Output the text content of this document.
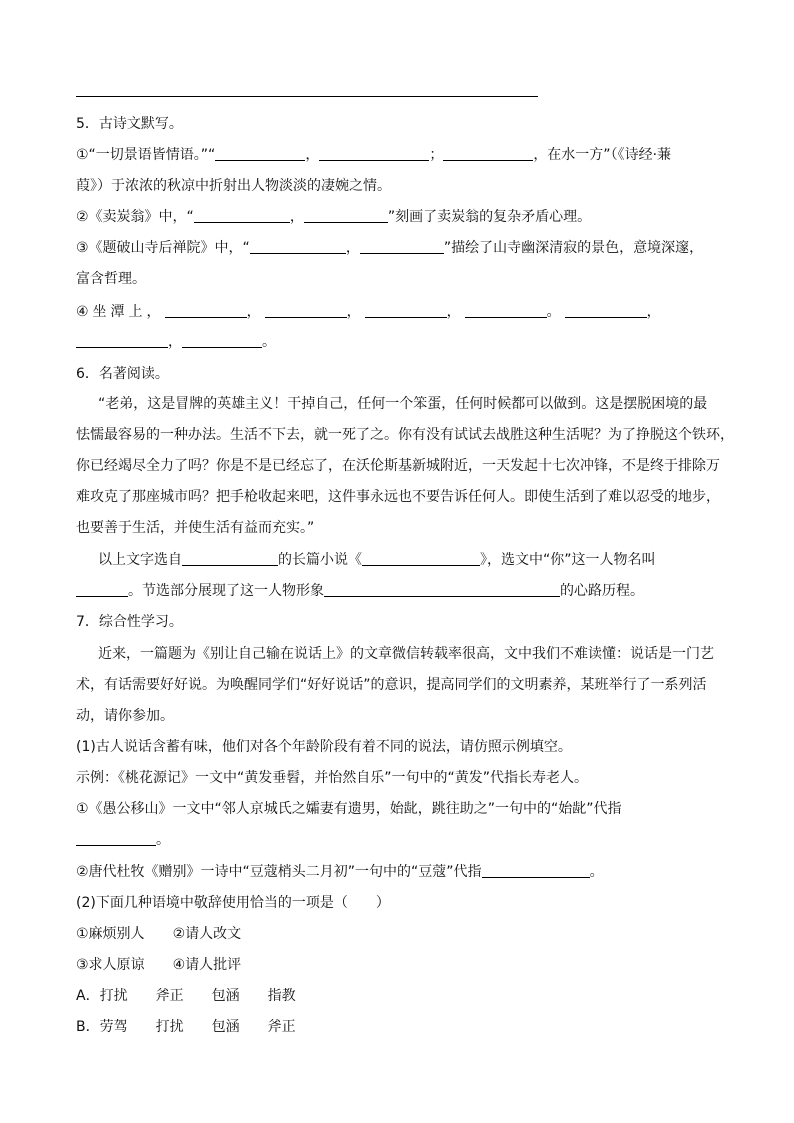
5．古诗文默写。
①“一切景语皆情语。”“	，	；	，在水一方”（《诗经·蒹
葭》）于浓浓的秋凉中折射出人物淡淡的凄婉之情。
②《卖炭翁》中，“	，	”刻画了卖炭翁的复杂矛盾心理。
③《题破山寺后禅院》中，“	，	”描绘了山寺幽深清寂的景色，意境深邃，
富含哲理。
④坐潭上，	，	，	，	。	，
，	。
6．名著阅读。
“老弟，这是冒牌的英雄主义！干掉自己，任何一个笨蛋，任何时候都可以做到。这是摆脱困境的最
怯懦最容易的一种办法。生活不下去，就一死了之。你有没有试试去战胜这种生活呢？为了挣脱这个铁环，
你已经竭尽全力了吗？你是不是已经忘了，在沃伦斯基新城附近，一天发起十七次冲锋，不是终于排除万
难攻克了那座城市吗？把手枪收起来吧，这件事永远也不要告诉任何人。即使生活到了难以忍受的地步，
也要善于生活，并使生活有益而充实。”
以上文字选自	的长篇小说《	》，选文中“你”这一人物名叫
。节选部分展现了这一人物形象	的心路历程。
7．综合性学习。
近来，一篇题为《别让自己输在说话上》的文章微信转载率很高，文中我们不难读懂：说话是一门艺
术，有话需要好好说。为唤醒同学们“好好说话”的意识，提高同学们的文明素养，某班举行了一系列活
动，请你参加。
(1)古人说话含蓄有味，他们对各个年龄阶段有着不同的说法，请仿照示例填空。
示例：《桃花源记》一文中“黄发垂髫，并怡然自乐”一句中的“黄发”代指长寿老人。
①《愚公移山》一文中“邻人京城氏之孀妻有遗男，始龀，跳往助之”一句中的“始龀”代指
。
②唐代杜牧《赠别》一诗中“豆蔻梢头二月初”一句中的“豆蔻”代指	。
(2)下面几种语境中敬辞使用恰当的一项是（　　）
①麻烦别人 ②请人改文
③求人原谅 ④请人批评
A．打扰 斧正 包涵 指教
B．劳驾 打扰 包涵 斧正
